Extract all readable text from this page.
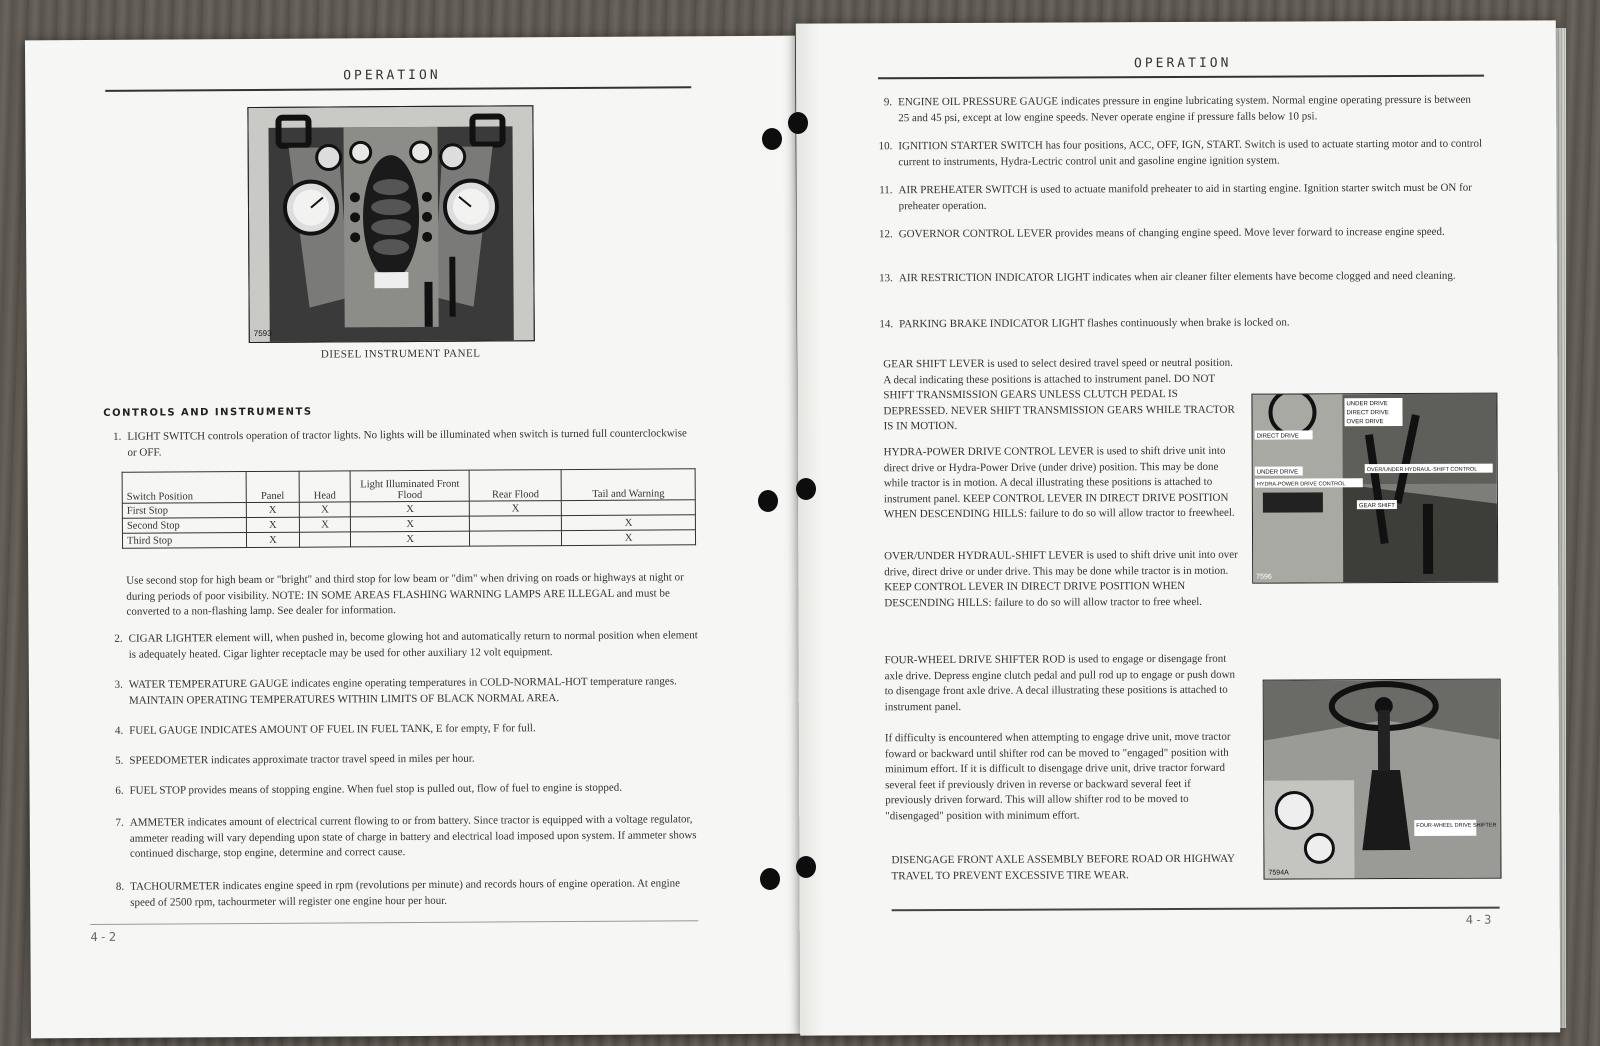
OPERATION
7593
DIESEL INSTRUMENT PANEL
CONTROLS AND INSTRUMENTS
1. LIGHT SWITCH controls operation of tractor lights. No lights will be illuminated when switch is turned full counterclockwise or OFF.
Switch Position	Panel	Head	Light Illuminated Front Flood	Rear Flood	Tail and Warning
First Stop	X	X	X	X	
Second Stop	X	X	X		X
Third Stop	X		X		X
Use second stop for high beam or "bright" and third stop for low beam or "dim" when driving on roads or highways at night or during periods of poor visibility. NOTE: IN SOME AREAS FLASHING WARNING LAMPS ARE ILLEGAL and must be converted to a non-flashing lamp. See dealer for information.
2. CIGAR LIGHTER element will, when pushed in, become glowing hot and automatically return to normal position when element is adequately heated. Cigar lighter receptacle may be used for other auxiliary 12 volt equipment.
3. WATER TEMPERATURE GAUGE indicates engine operating temperatures in COLD-NORMAL-HOT temperature ranges. MAINTAIN OPERATING TEMPERATURES WITHIN LIMITS OF BLACK NORMAL AREA.
4. FUEL GAUGE INDICATES AMOUNT OF FUEL IN FUEL TANK, E for empty, F for full.
5. SPEEDOMETER indicates approximate tractor travel speed in miles per hour.
6. FUEL STOP provides means of stopping engine. When fuel stop is pulled out, flow of fuel to engine is stopped.
7. AMMETER indicates amount of electrical current flowing to or from battery. Since tractor is equipped with a voltage regulator, ammeter reading will vary depending upon state of charge in battery and electrical load imposed upon system. If ammeter shows continued discharge, stop engine, determine and correct cause.
8. TACHOURMETER indicates engine speed in rpm (revolutions per minute) and records hours of engine operation. At engine speed of 2500 rpm, tachourmeter will register one engine hour per hour.
4-2
OPERATION
9. ENGINE OIL PRESSURE GAUGE indicates pressure in engine lubricating system. Normal engine operating pressure is between 25 and 45 psi, except at low engine speeds. Never operate engine if pressure falls below 10 psi.
10. IGNITION STARTER SWITCH has four positions, ACC, OFF, IGN, START. Switch is used to actuate starting motor and to control current to instruments, Hydra-Lectric control unit and gasoline engine ignition system.
11. AIR PREHEATER SWITCH is used to actuate manifold preheater to aid in starting engine. Ignition starter switch must be ON for preheater operation.
12. GOVERNOR CONTROL LEVER provides means of changing engine speed. Move lever forward to increase engine speed.
13. AIR RESTRICTION INDICATOR LIGHT indicates when air cleaner filter elements have become clogged and need cleaning.
14. PARKING BRAKE INDICATOR LIGHT flashes continuously when brake is locked on.
GEAR SHIFT LEVER is used to select desired travel speed or neutral position. A decal indicating these positions is attached to instrument panel. DO NOT SHIFT TRANSMISSION GEARS UNLESS CLUTCH PEDAL IS DEPRESSED. NEVER SHIFT TRANSMISSION GEARS WHILE TRACTOR IS IN MOTION.
HYDRA-POWER DRIVE CONTROL LEVER is used to shift drive unit into direct drive or Hydra-Power Drive (under drive) position. This may be done while tractor is in motion. A decal illustrating these positions is attached to instrument panel. KEEP CONTROL LEVER IN DIRECT DRIVE POSITION WHEN DESCENDING HILLS: failure to do so will allow tractor to freewheel.
OVER/UNDER HYDRAUL-SHIFT LEVER is used to shift drive unit into over drive, direct drive or under drive. This may be done while tractor is in motion. KEEP CONTROL LEVER IN DIRECT DRIVE POSITION WHEN DESCENDING HILLS: failure to do so will allow tractor to free wheel.
DIRECT DRIVE
UNDER DRIVE
DIRECT DRIVE
OVER DRIVE
UNDER DRIVE
HYDRA-POWER DRIVE CONTROL
OVER/UNDER HYDRAUL-SHIFT CONTROL
GEAR SHIFT
7596
FOUR-WHEEL DRIVE SHIFTER ROD is used to engage or disengage front axle drive. Depress engine clutch pedal and pull rod up to engage or push down to disengage front axle drive. A decal illustrating these positions is attached to instrument panel.
If difficulty is encountered when attempting to engage drive unit, move tractor foward or backward until shifter rod can be moved to "engaged" position with minimum effort. If it is difficult to disengage drive unit, drive tractor forward several feet if previously driven in reverse or backward several feet if previously driven forward. This will allow shifter rod to be moved to "disengaged" position with minimum effort.
DISENGAGE FRONT AXLE ASSEMBLY BEFORE ROAD OR HIGHWAY TRAVEL TO PREVENT EXCESSIVE TIRE WEAR.
FOUR-WHEEL DRIVE SHIFTER
7594A
4-3
